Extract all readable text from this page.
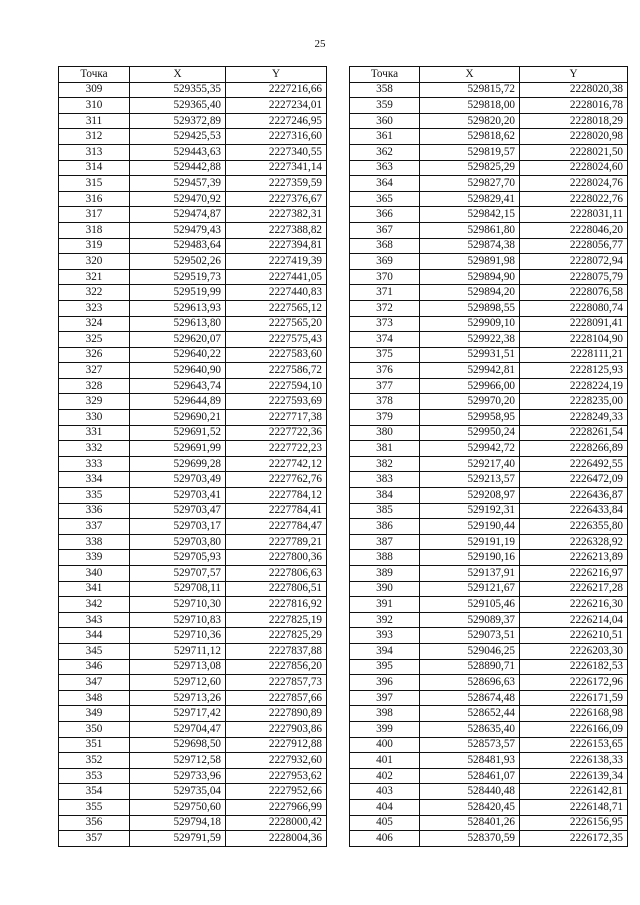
25
Точка	X	Y
309	529355,35	2227216,66
310	529365,40	2227234,01
311	529372,89	2227246,95
312	529425,53	2227316,60
313	529443,63	2227340,55
314	529442,88	2227341,14
315	529457,39	2227359,59
316	529470,92	2227376,67
317	529474,87	2227382,31
318	529479,43	2227388,82
319	529483,64	2227394,81
320	529502,26	2227419,39
321	529519,73	2227441,05
322	529519,99	2227440,83
323	529613,93	2227565,12
324	529613,80	2227565,20
325	529620,07	2227575,43
326	529640,22	2227583,60
327	529640,90	2227586,72
328	529643,74	2227594,10
329	529644,89	2227593,69
330	529690,21	2227717,38
331	529691,52	2227722,36
332	529691,99	2227722,23
333	529699,28	2227742,12
334	529703,49	2227762,76
335	529703,41	2227784,12
336	529703,47	2227784,41
337	529703,17	2227784,47
338	529703,80	2227789,21
339	529705,93	2227800,36
340	529707,57	2227806,63
341	529708,11	2227806,51
342	529710,30	2227816,92
343	529710,83	2227825,19
344	529710,36	2227825,29
345	529711,12	2227837,88
346	529713,08	2227856,20
347	529712,60	2227857,73
348	529713,26	2227857,66
349	529717,42	2227890,89
350	529704,47	2227903,86
351	529698,50	2227912,88
352	529712,58	2227932,60
353	529733,96	2227953,62
354	529735,04	2227952,66
355	529750,60	2227966,99
356	529794,18	2228000,42
357	529791,59	2228004,36
Точка	X	Y
358	529815,72	2228020,38
359	529818,00	2228016,78
360	529820,20	2228018,29
361	529818,62	2228020,98
362	529819,57	2228021,50
363	529825,29	2228024,60
364	529827,70	2228024,76
365	529829,41	2228022,76
366	529842,15	2228031,11
367	529861,80	2228046,20
368	529874,38	2228056,77
369	529891,98	2228072,94
370	529894,90	2228075,79
371	529894,20	2228076,58
372	529898,55	2228080,74
373	529909,10	2228091,41
374	529922,38	2228104,90
375	529931,51	2228111,21
376	529942,81	2228125,93
377	529966,00	2228224,19
378	529970,20	2228235,00
379	529958,95	2228249,33
380	529950,24	2228261,54
381	529942,72	2228266,89
382	529217,40	2226492,55
383	529213,57	2226472,09
384	529208,97	2226436,87
385	529192,31	2226433,84
386	529190,44	2226355,80
387	529191,19	2226328,92
388	529190,16	2226213,89
389	529137,91	2226216,97
390	529121,67	2226217,28
391	529105,46	2226216,30
392	529089,37	2226214,04
393	529073,51	2226210,51
394	529046,25	2226203,30
395	528890,71	2226182,53
396	528696,63	2226172,96
397	528674,48	2226171,59
398	528652,44	2226168,98
399	528635,40	2226166,09
400	528573,57	2226153,65
401	528481,93	2226138,33
402	528461,07	2226139,34
403	528440,48	2226142,81
404	528420,45	2226148,71
405	528401,26	2226156,95
406	528370,59	2226172,35
